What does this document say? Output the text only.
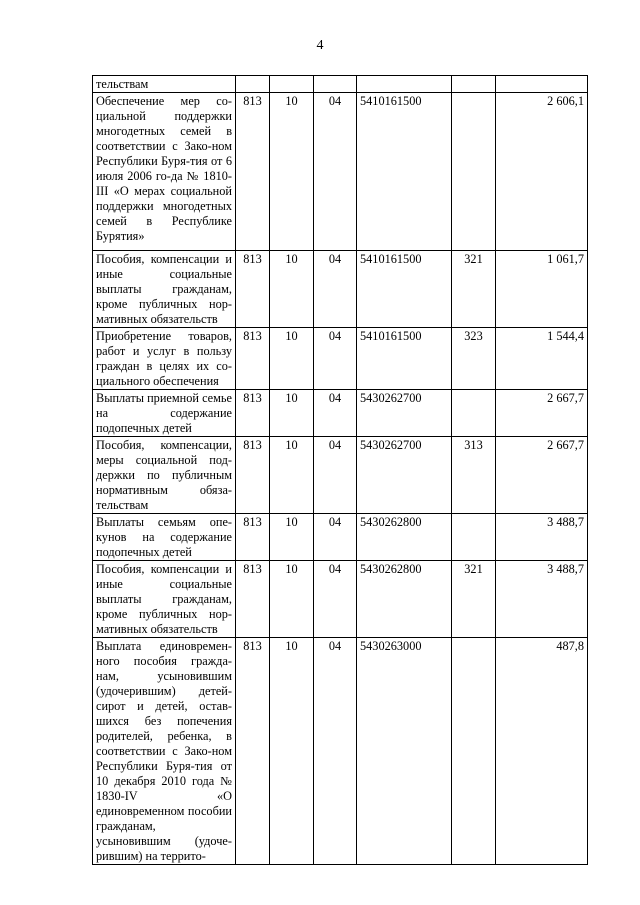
4
тельствам						
Обеспечение мер со-циальной поддержки многодетных семей в соответствии с Зако-ном Республики Буря-тия от 6 июля 2006 го-да № 1810-III «О мерах социальной поддержки многодетных семей в Республике Бурятия»	813	10	04	5410161500		2 606,1
Пособия, компенсации и иные социальные выплаты гражданам, кроме публичных нор-мативных обязательств	813	10	04	5410161500	321	1 061,7
Приобретение товаров, работ и услуг в пользу граждан в целях их со-циального обеспечения	813	10	04	5410161500	323	1 544,4
Выплаты приемной семье на содержание подопечных детей	813	10	04	5430262700		2 667,7
Пособия, компенсации, меры социальной под-держки по публичным нормативным обяза-тельствам	813	10	04	5430262700	313	2 667,7
Выплаты семьям опе-кунов на содержание подопечных детей	813	10	04	5430262800		3 488,7
Пособия, компенсации и иные социальные выплаты гражданам, кроме публичных нор-мативных обязательств	813	10	04	5430262800	321	3 488,7
Выплата единовремен-ного пособия гражда-нам, усыновившим (удочерившим) детей-сирот и детей, остав-шихся без попечения родителей, ребенка, в соответствии с Зако-ном Республики Буря-тия от 10 декабря 2010 года № 1830-IV «О единовременном пособии гражданам, усыновившим (удоче-рившим) на террито-	813	10	04	5430263000		487,8
